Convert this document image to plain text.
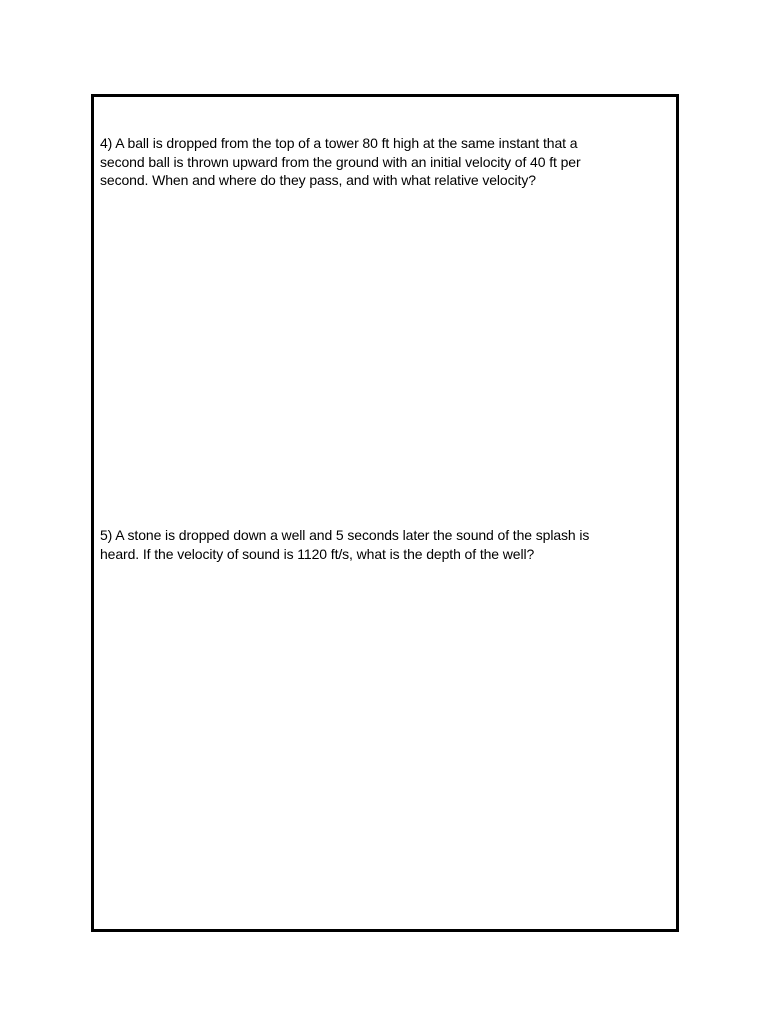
4) A ball is dropped from the top of a tower 80 ft high at the same instant that a
second ball is thrown upward from the ground with an initial velocity of 40 ft per
second. When and where do they pass, and with what relative velocity?

5) A stone is dropped down a well and 5 seconds later the sound of the splash is
heard. If the velocity of sound is 1120 ft/s, what is the depth of the well?
